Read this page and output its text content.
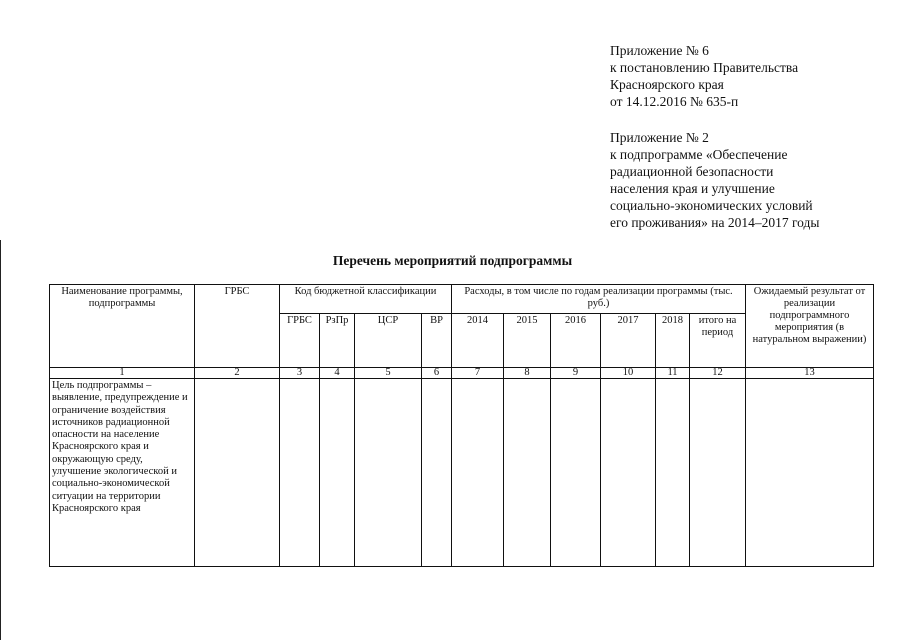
Приложение № 6
к постановлению Правительства
Красноярского края
от 14.12.2016 № 635-п
Приложение № 2
к подпрограмме «Обеспечение
радиационной безопасности
населения края и улучшение
социально-экономических условий
его проживания» на 2014–2017 годы
Перечень мероприятий подпрограммы
Наименование программы, подпрограммы	ГРБС	Код бюджетной классификации				Расходы, в том числе по годам реализации программы (тыс. руб.)						Ожидаемый результат от реализации подпрограммного мероприятия (в натуральном выражении)
		ГРБС	РзПр	ЦСР	ВР	2014	2015	2016	2017	2018	итого на период	
1	2	3	4	5	6	7	8	9	10	11	12	13
Цель подпрограммы – выявление, предупреждение и ограничение воздействия источников радиационной опасности на население Красноярского края и окружающую среду, улучшение экологической и социально-экономической ситуации на территории Красноярского края												
